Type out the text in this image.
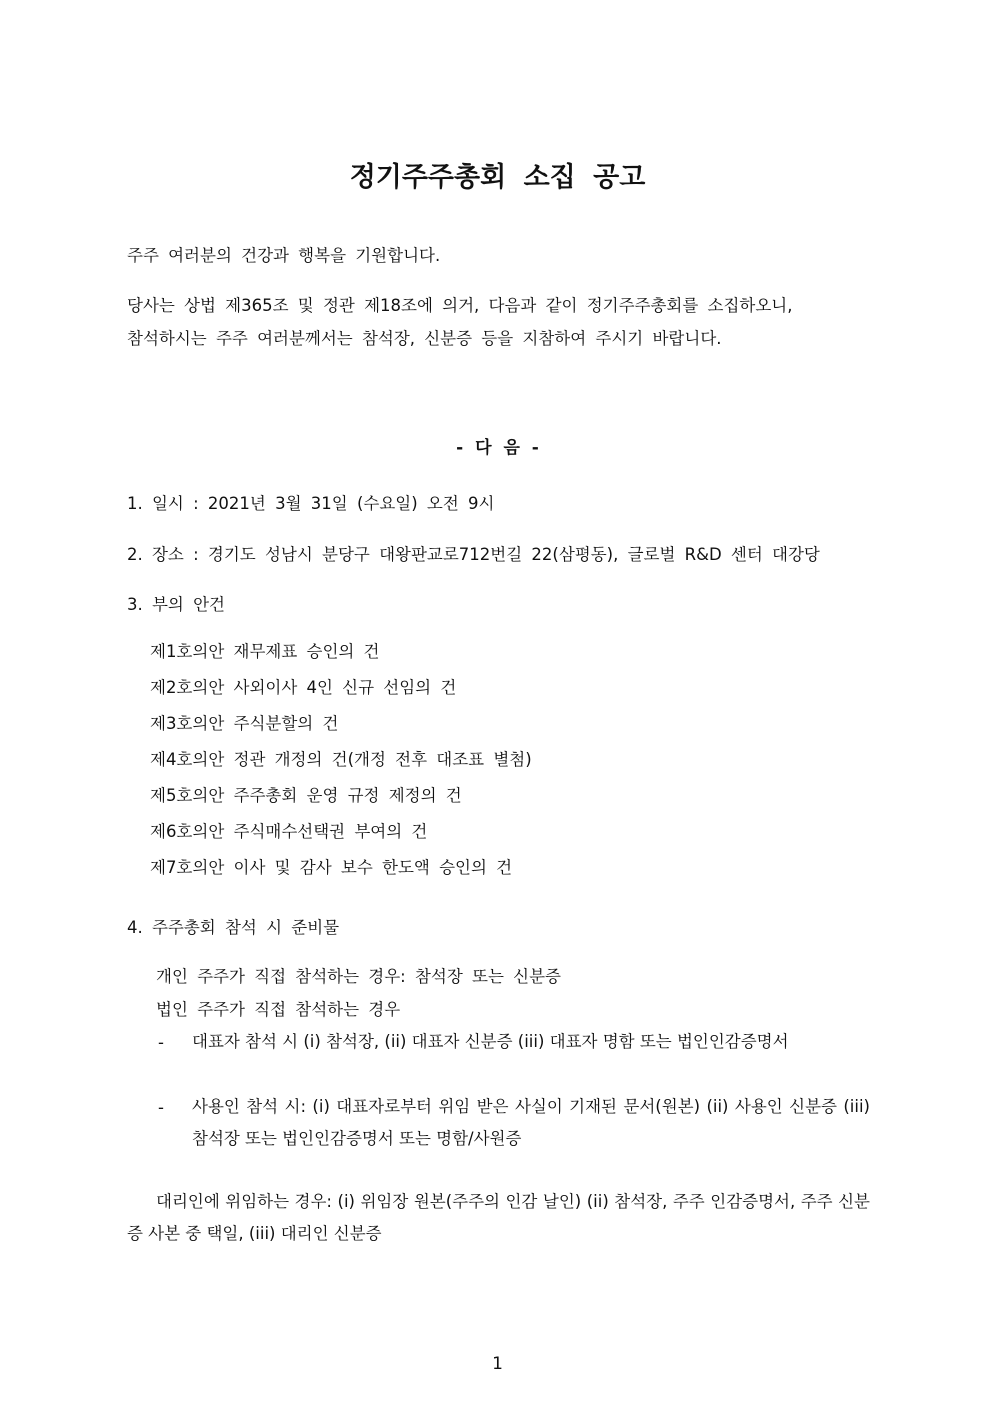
정기주주총회 소집 공고
주주 여러분의 건강과 행복을 기원합니다.
당사는 상법 제365조 및 정관 제18조에 의거, 다음과 같이 정기주주총회를 소집하오니,
참석하시는 주주 여러분께서는 참석장, 신분증 등을 지참하여 주시기 바랍니다.
- 다 음 -
1. 일시 : 2021년 3월 31일 (수요일) 오전 9시
2. 장소 : 경기도 성남시 분당구 대왕판교로712번길 22(삼평동), 글로벌 R&D 센터 대강당
3. 부의 안건
제1호의안 재무제표 승인의 건
제2호의안 사외이사 4인 신규 선임의 건
제3호의안 주식분할의 건
제4호의안 정관 개정의 건(개정 전후 대조표 별첨)
제5호의안 주주총회 운영 규정 제정의 건
제6호의안 주식매수선택권 부여의 건
제7호의안 이사 및 감사 보수 한도액 승인의 건
4. 주주총회 참석 시 준비물
개인 주주가 직접 참석하는 경우: 참석장 또는 신분증
법인 주주가 직접 참석하는 경우
- 대표자 참석 시 (i) 참석장, (ii) 대표자 신분증 (iii) 대표자 명함 또는 법인인감증명서
- 사용인 참석 시: (i) 대표자로부터 위임 받은 사실이 기재된 문서(원본) (ii) 사용인 신분증 (iii) 참석장 또는 법인인감증명서 또는 명함/사원증
대리인에 위임하는 경우: (i) 위임장 원본(주주의 인감 날인) (ii) 참석장, 주주 인감증명서, 주주 신분증 사본 중 택일, (iii) 대리인 신분증
1
